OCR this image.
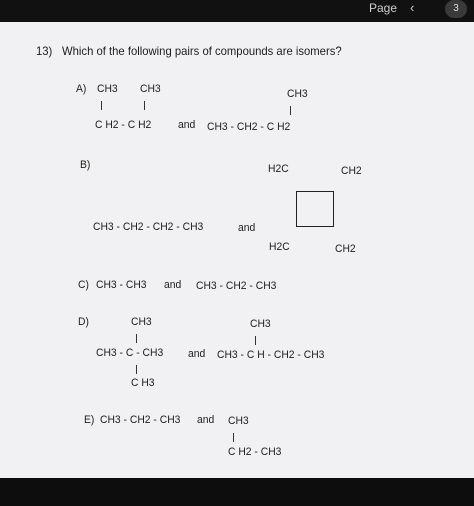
Page ‹	3
13) Which of the following pairs of compounds are isomers?
A) CH3 CH3
C H2 - C H2 and
CH3
CH3 - CH2 - C H2
B)	H2C	CH2
CH3 - CH2 - CH2 - CH3	and
H2C	CH2
C) CH3 - CH3 and CH3 - CH2 - CH3
D)	CH3
CH3 - C - CH3
C H3
and
CH3
CH3 - C H - CH2 - CH3
E) CH3 - CH2 - CH3 and CH3
C H2 - CH3
